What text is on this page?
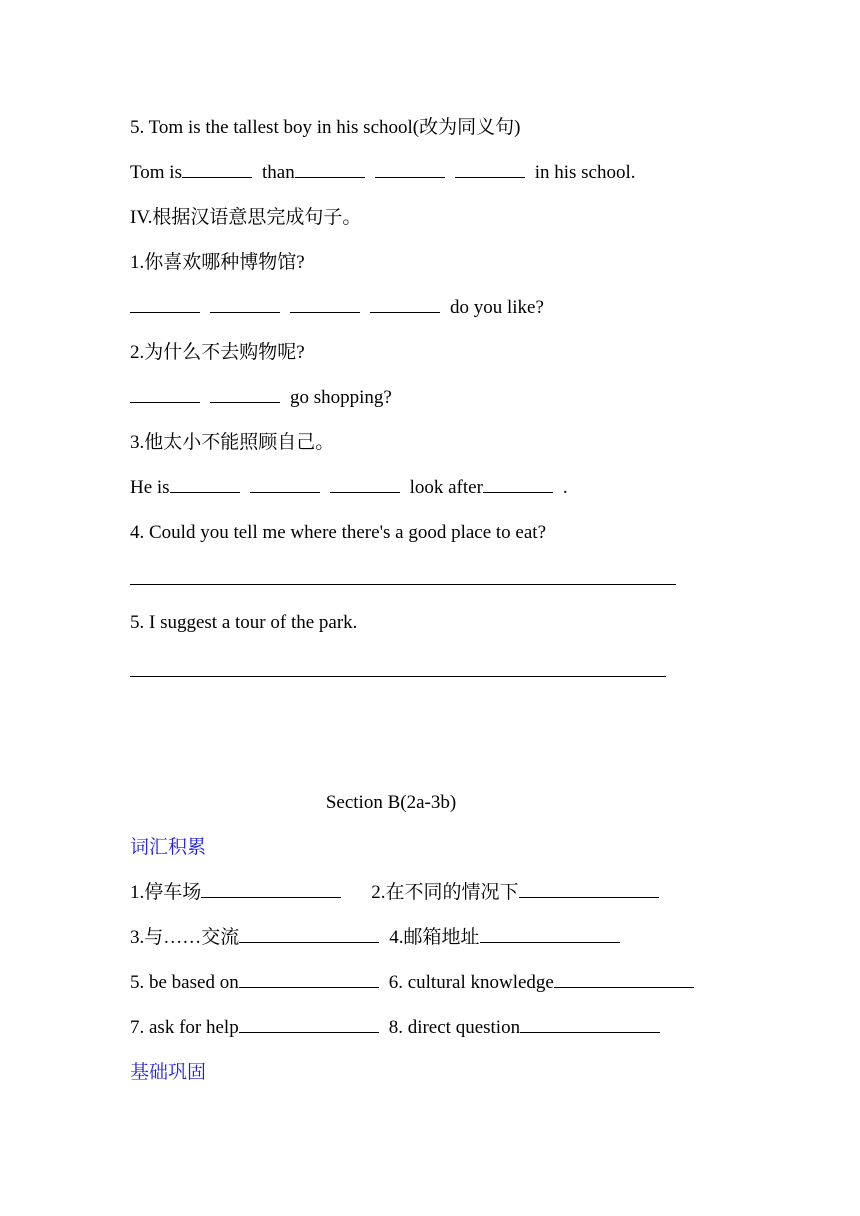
5. Tom is the tallest boy in his school(改为同义句)
Tom is	than	in his school.
IV.根据汉语意思完成句子。
1.你喜欢哪种博物馆?
do you like?
2.为什么不去购物呢?
go shopping?
3.他太小不能照顾自己。
He is	look after	.
4. Could you tell me where there's a good place to eat?
5. I suggest a tour of the park.
Section B(2a-3b)
词汇积累
1.停车场	2.在不同的情况下
3.与……交流	4.邮箱地址
5. be based on	6. cultural knowledge
7. ask for help	8. direct question
基础巩固
